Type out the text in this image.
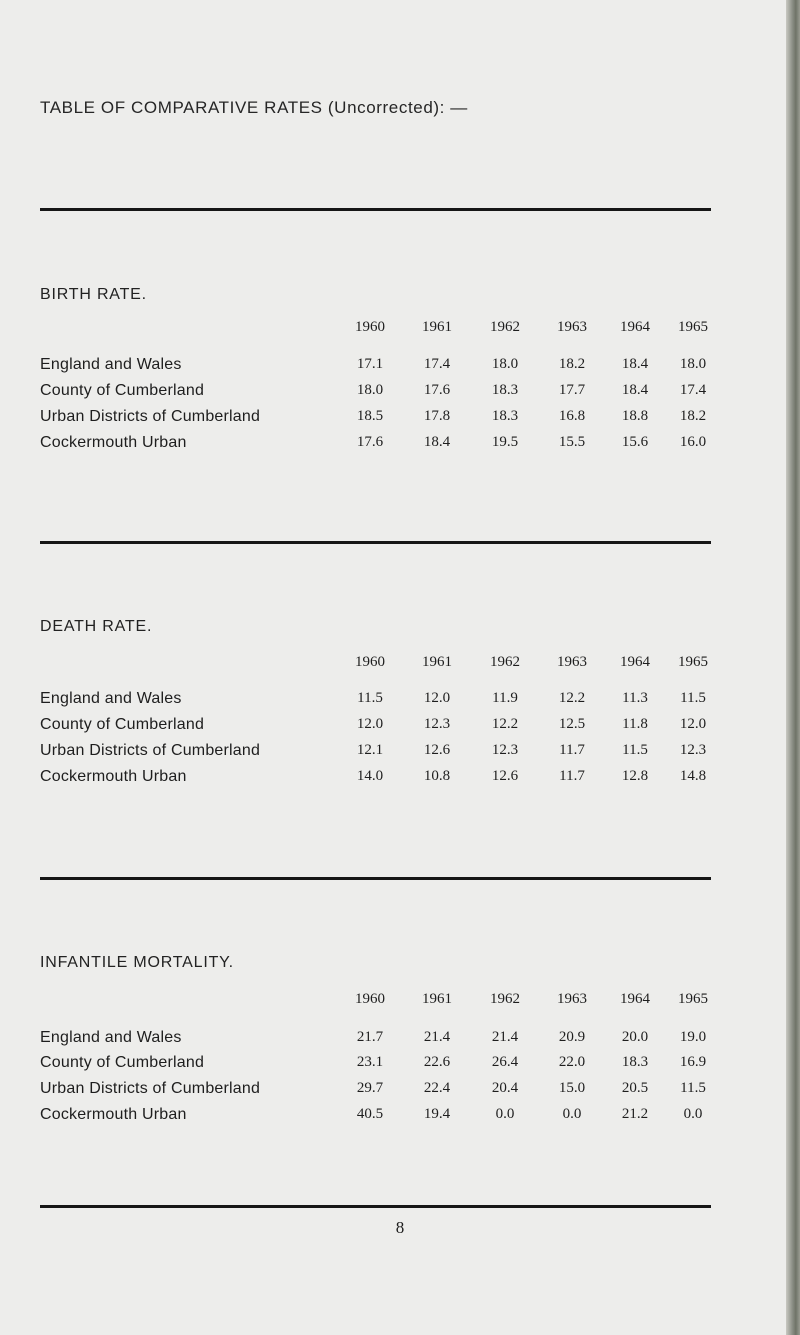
TABLE OF COMPARATIVE RATES (Uncorrected): —
BIRTH RATE.
1960	1961	1962	1963	1964	1965
England and Wales	17.1	17.4	18.0	18.2	18.4	18.0
County of Cumberland	18.0	17.6	18.3	17.7	18.4	17.4
Urban Districts of Cumberland	18.5	17.8	18.3	16.8	18.8	18.2
Cockermouth Urban	17.6	18.4	19.5	15.5	15.6	16.0
DEATH RATE.
1960	1961	1962	1963	1964	1965
England and Wales	11.5	12.0	11.9	12.2	11.3	11.5
County of Cumberland	12.0	12.3	12.2	12.5	11.8	12.0
Urban Districts of Cumberland	12.1	12.6	12.3	11.7	11.5	12.3
Cockermouth Urban	14.0	10.8	12.6	11.7	12.8	14.8
INFANTILE MORTALITY.
1960	1961	1962	1963	1964	1965
England and Wales	21.7	21.4	21.4	20.9	20.0	19.0
County of Cumberland	23.1	22.6	26.4	22.0	18.3	16.9
Urban Districts of Cumberland	29.7	22.4	20.4	15.0	20.5	11.5
Cockermouth Urban	40.5	19.4	0.0	0.0	21.2	0.0
8
